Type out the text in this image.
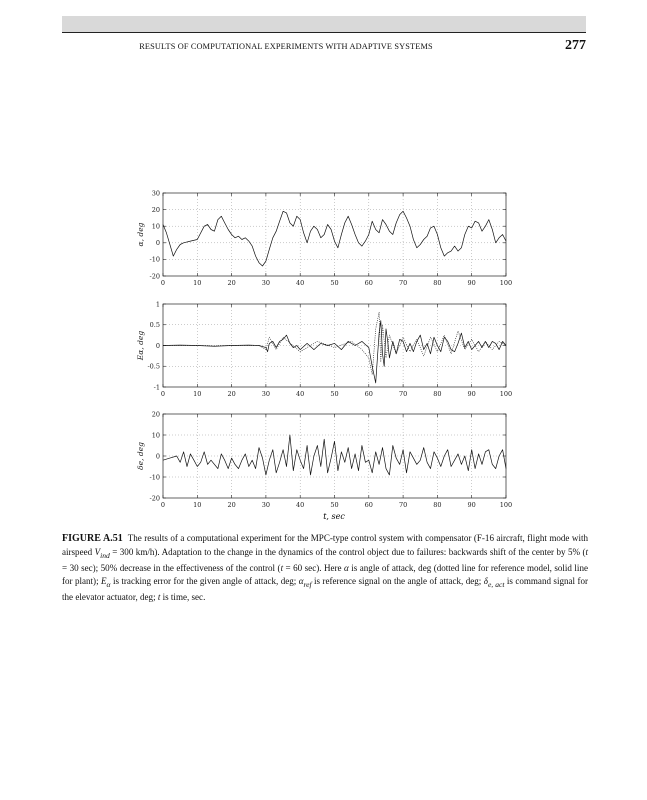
RESULTS OF COMPUTATIONAL EXPERIMENTS WITH ADAPTIVE SYSTEMS	277
0	10	20	30	40	50	60	70	80	90	100
30
20
10
0
-10
-20
α, deg
0	10	20	30	40	50	60	70	80	90	100
1
0.5
0
-0.5
-1
Eα, deg
0	10	20	30	40	50	60	70	80	90	100
20
10
0
-10
-20
δe, deg
t, sec
FIGURE A.51 The results of a computational experiment for the MPC-type control system with compensator (F-16 aircraft, flight mode with airspeed $V_{ind} = 300$ km/h). Adaptation to the change in the dynamics of the control object due to failures: backwards shift of the center by 5% (t = 30 sec); 50% decrease in the effectiveness of the control (t = 60 sec). Here α is angle of attack, deg (dotted line for reference model, solid line for plant); $E_\alpha$ is tracking error for the given angle of attack, deg; $\alpha_{ref}$ is reference signal on the angle of attack, deg; $\delta_{e, act}$ is command signal for the elevator actuator, deg; t is time, sec.
